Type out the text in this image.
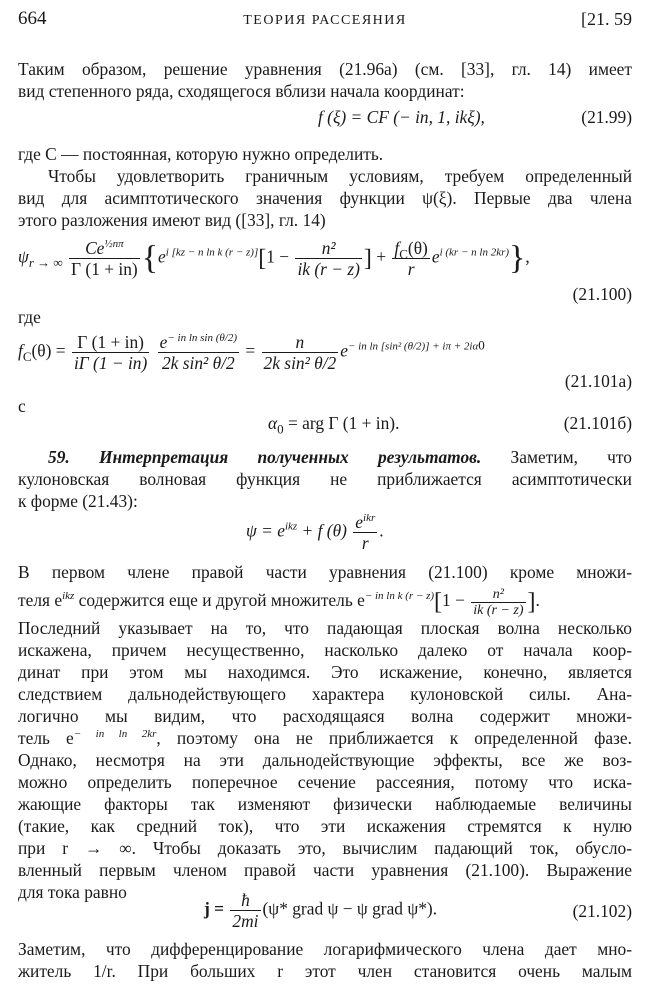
664	ТЕОРИЯ РАССЕЯНИЯ	[21. 59
Таким образом, решение уравнения (21.96а) (см. [33], гл. 14) имеет
вид степенного ряда, сходящегося вблизи начала координат:
f (ξ) = CF (− in, 1, ikξ),	(21.99)
где C — постоянная, которую нужно определить.

Чтобы удовлетворить граничным условиям, требуем определенный
вид для асимптотического значения функции ψ(ξ). Первые два члена
этого разложения имеют вид ([33], гл. 14)
$\psi_{r \to \infty} \frac{Ce^{\frac{1}{2}n\pi}}{\Gamma (1 + in)} \{e^{i [kz - n ln k (r - z)]}[1 - \frac{\text{n²}}{ik (r - z)}$ ] + $\frac{f_C(\theta)}{r} e^{i (kr - n ln 2kr)}$},
(21.100)
где
$f_C(\theta) = \frac{\Gamma (1 + in)}{i\Gamma (1 - in)}$
$\frac{e^{- in ln sin (\theta/2)}}{\text{2k sin² θ/2}} = \frac{n}{\text{2k sin² θ/2}} e^{- in ln [sin^2 (\theta/2)] + i\pi + 2i\alpha 0}$
(21.101а)
с
$\alpha_0$ = arg Γ (1 + in).	(21.101б)
59. Интерпретация полученных результатов. Заметим, что
кулоновская волновая функция не приближается асимптотически
к форме (21.43):
$\psi = e^{ikz} + f$ $(\theta) \frac{e^{ikr}}{r}$ .
В первом члене правой части уравнения (21.100) кроме множи-
теля $e^{ikz}$ содержится еще и другой множитель $e^{- in ln k (r - z)}[1 - \frac{\text{n²}}{ik (r - z)}$ ].
Последний указывает на то, что падающая плоская волна несколько
искажена, причем несущественно, насколько далеко от начала коор-
динат при этом мы находимся. Это искажение, конечно, является
следствием дальнодействующего характера кулоновской силы. Ана-
логично мы видим, что расходящаяся волна содержит множи-
тель $e^{- in ln 2kr}$, поэтому она не приближается к определенной фазе.
Однако, несмотря на эти дальнодействующие эффекты, все же воз-
можно определить поперечное сечение рассеяния, потому что иска-
жающие факторы так изменяют физически наблюдаемые величины
(такие, как средний ток), что эти искажения стремятся к нулю
при r → ∞. Чтобы доказать это, вычислим падающий ток, обусло-
вленный первым членом правой части уравнения (21.100). Выражение
для тока равно
$j = \frac{ħ}{2mi} (\psi*$ grad ψ − ψ grad ψ*).	(21.102)
Заметим, что дифференцирование логарифмического члена дает мно-
житель 1/r. При больших r этот член становится очень малым
